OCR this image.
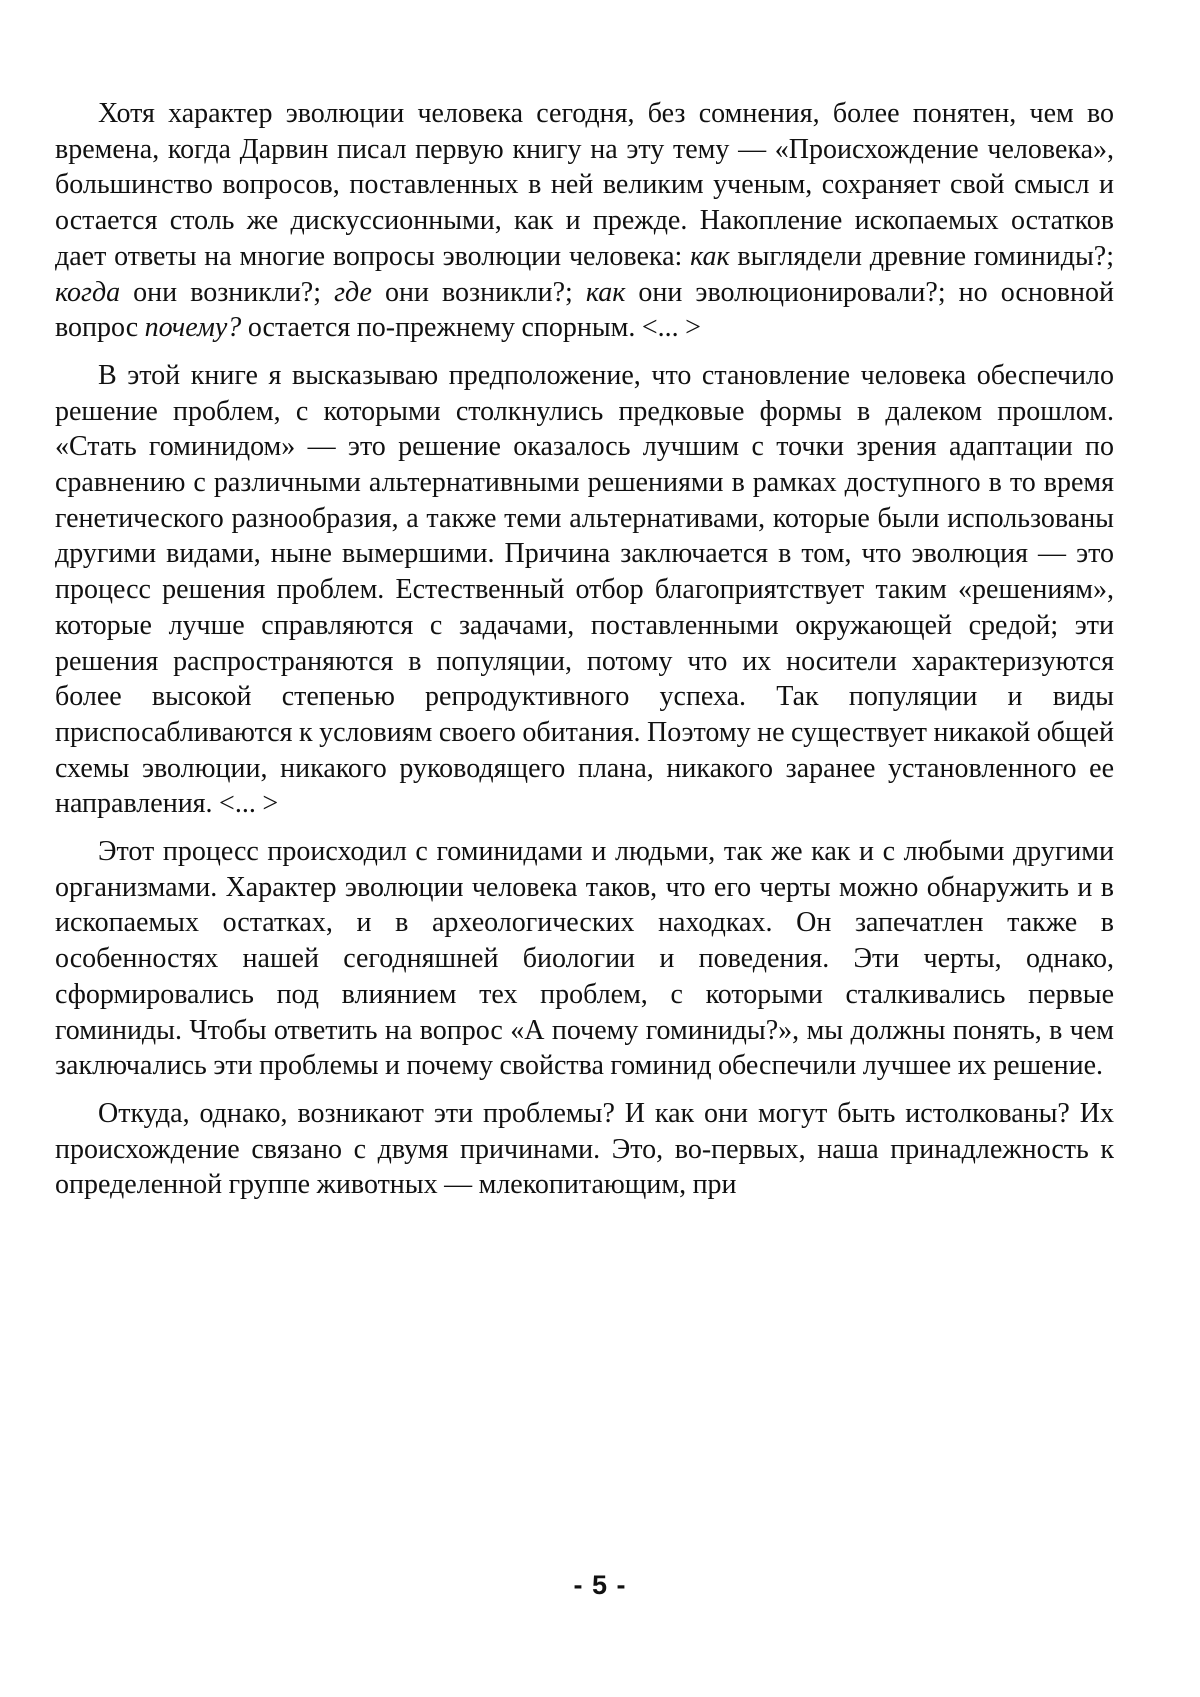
Хотя характер эволюции человека сегодня, без сомнения, более понятен, чем во времена, когда Дарвин писал первую книгу на эту тему — «Происхождение человека», большинство вопросов, поставленных в ней великим ученым, сохраняет свой смысл и остается столь же дискуссионными, как и прежде. Накопление ископаемых остатков дает ответы на многие вопросы эволюции человека: как выглядели древние гоминиды?; когда они возникли?; где они возникли?; как они эволюционировали?; но основной вопрос почему? остается по-прежнему спорным. <... >

В этой книге я высказываю предположение, что становление человека обеспечило решение проблем, с которыми столкнулись предковые формы в далеком прошлом. «Стать гоминидом» — это решение оказалось лучшим с точки зрения адаптации по сравнению с различными альтернативными решениями в рамках доступного в то время генетического разнообразия, а также теми альтернативами, которые были использованы другими видами, ныне вымершими. Причина заключается в том, что эволюция — это процесс решения проблем. Естественный отбор благоприятствует таким «решениям», которые лучше справляются с задачами, поставленными окружающей средой; эти решения распространяются в популяции, потому что их носители характеризуются более высокой степенью репродуктивного успеха. Так популяции и виды приспосабливаются к условиям своего обитания. Поэтому не существует никакой общей схемы эволюции, никакого руководящего плана, никакого заранее установленного ее направления. <... >

Этот процесс происходил с гоминидами и людьми, так же как и с любыми другими организмами. Характер эволюции человека таков, что его черты можно обнаружить и в ископаемых остатках, и в археологических находках. Он запечатлен также в особенностях нашей сегодняшней биологии и поведения. Эти черты, однако, сформировались под влиянием тех проблем, с которыми сталкивались первые гоминиды. Чтобы ответить на вопрос «А почему гоминиды?», мы должны понять, в чем заключались эти проблемы и почему свойства гоминид обеспечили лучшее их решение.

Откуда, однако, возникают эти проблемы? И как они могут быть истолкованы? Их происхождение связано с двумя причинами. Это, во-первых, наша принадлежность к определенной группе животных — млекопитающим, при

- 5 -
